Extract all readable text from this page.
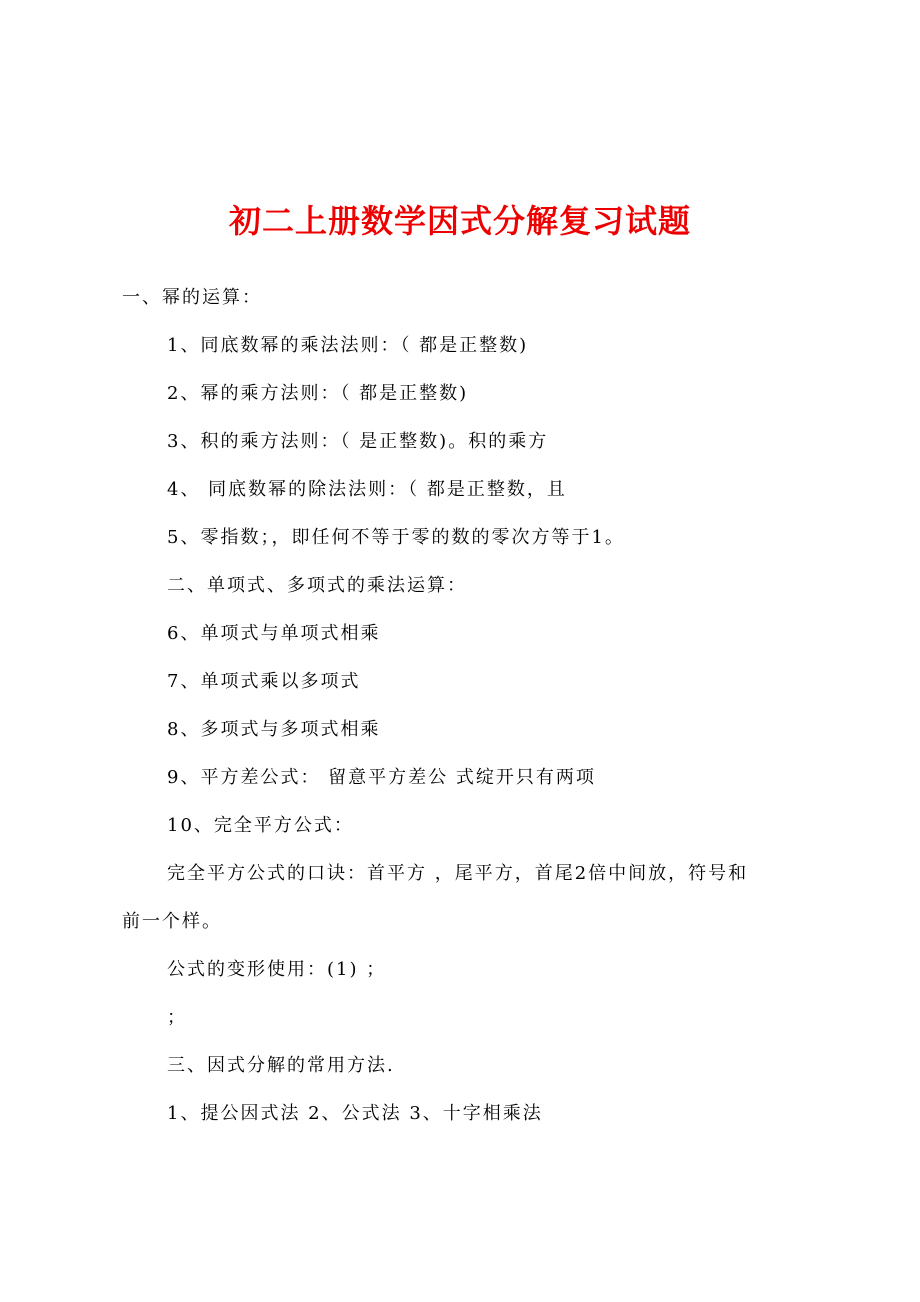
初二上册数学因式分解复习试题
一、幂的运算：
1、同底数幂的乘法法则：（ 都是正整数)
2、幂的乘方法则：（ 都是正整数)
3、积的乘方法则：（ 是正整数)。积的乘方
4、 同底数幂的除法法则：（ 都是正整数，且
5、零指数；，即任何不等于零的数的零次方等于1。
二、单项式、多项式的乘法运算：
6、单项式与单项式相乘
7、单项式乘以多项式
8、多项式与多项式相乘
9、平方差公式： 留意平方差公 式绽开只有两项
10、完全平方公式：
完全平方公式的口诀：首平方 ，尾平方，首尾2倍中间放，符号和
前一个样。
公式的变形使用：(1) ；
；
三、因式分解的常用方法.
1、提公因式法 2、公式法 3、十字相乘法
